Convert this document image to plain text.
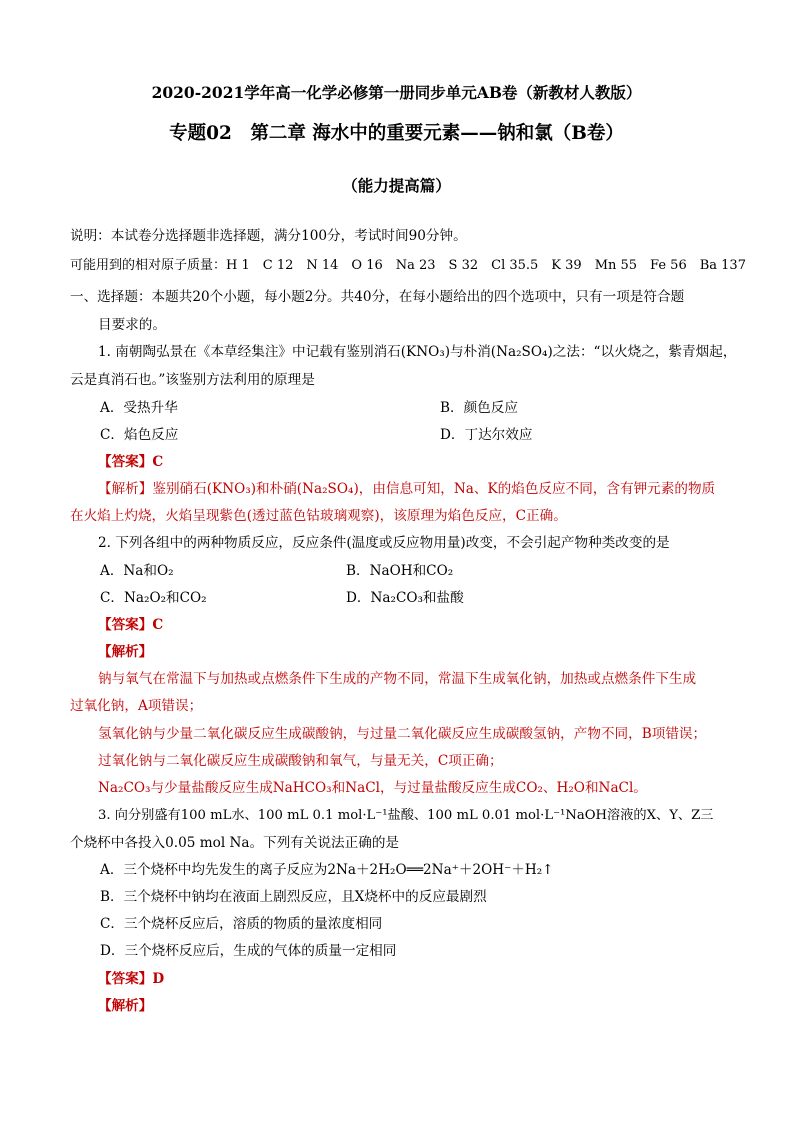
2020-2021学年高一化学必修第一册同步单元AB卷（新教材人教版）
专题02　第二章 海水中的重要元素——钠和氯（B卷）
（能力提高篇）
说明：本试卷分选择题非选择题，满分100分，考试时间90分钟。
可能用到的相对原子质量：H 1　C 12　N 14　O 16　Na 23　S 32　Cl 35.5　K 39　Mn 55　Fe 56　Ba 137
一、选择题：本题共20个小题，每小题2分。共40分，在每小题给出的四个选项中，只有一项是符合题
目要求的。
1. 南朝陶弘景在《本草经集注》中记载有鉴别消石(KNO₃)与朴消(Na₂SO₄)之法：“以火烧之，紫青烟起，
云是真消石也。”该鉴别方法利用的原理是
A．受热升华	B．颜色反应
C．焰色反应	D．丁达尔效应
【答案】C
【解析】鉴别硝石(KNO₃)和朴硝(Na₂SO₄)，由信息可知，Na、K的焰色反应不同，含有钾元素的物质
在火焰上灼烧，火焰呈现紫色(透过蓝色钴玻璃观察)，该原理为焰色反应，C正确。
2. 下列各组中的两种物质反应，反应条件(温度或反应物用量)改变，不会引起产物种类改变的是
A．Na和O₂	B．NaOH和CO₂
C．Na₂O₂和CO₂	D．Na₂CO₃和盐酸
【答案】C
【解析】
钠与氧气在常温下与加热或点燃条件下生成的产物不同，常温下生成氧化钠，加热或点燃条件下生成
过氧化钠，A项错误；
氢氧化钠与少量二氧化碳反应生成碳酸钠，与过量二氧化碳反应生成碳酸氢钠，产物不同，B项错误；
过氧化钠与二氧化碳反应生成碳酸钠和氧气，与量无关，C项正确；
Na₂CO₃与少量盐酸反应生成NaHCO₃和NaCl，与过量盐酸反应生成CO₂、H₂O和NaCl。
3. 向分别盛有100 mL水、100 mL 0.1 mol·L⁻¹盐酸、100 mL 0.01 mol·L⁻¹NaOH溶液的X、Y、Z三
个烧杯中各投入0.05 mol Na。下列有关说法正确的是
A．三个烧杯中均先发生的离子反应为2Na＋2H₂O══2Na⁺＋2OH⁻＋H₂↑
B．三个烧杯中钠均在液面上剧烈反应，且X烧杯中的反应最剧烈
C．三个烧杯反应后，溶质的物质的量浓度相同
D．三个烧杯反应后，生成的气体的质量一定相同
【答案】D
【解析】
